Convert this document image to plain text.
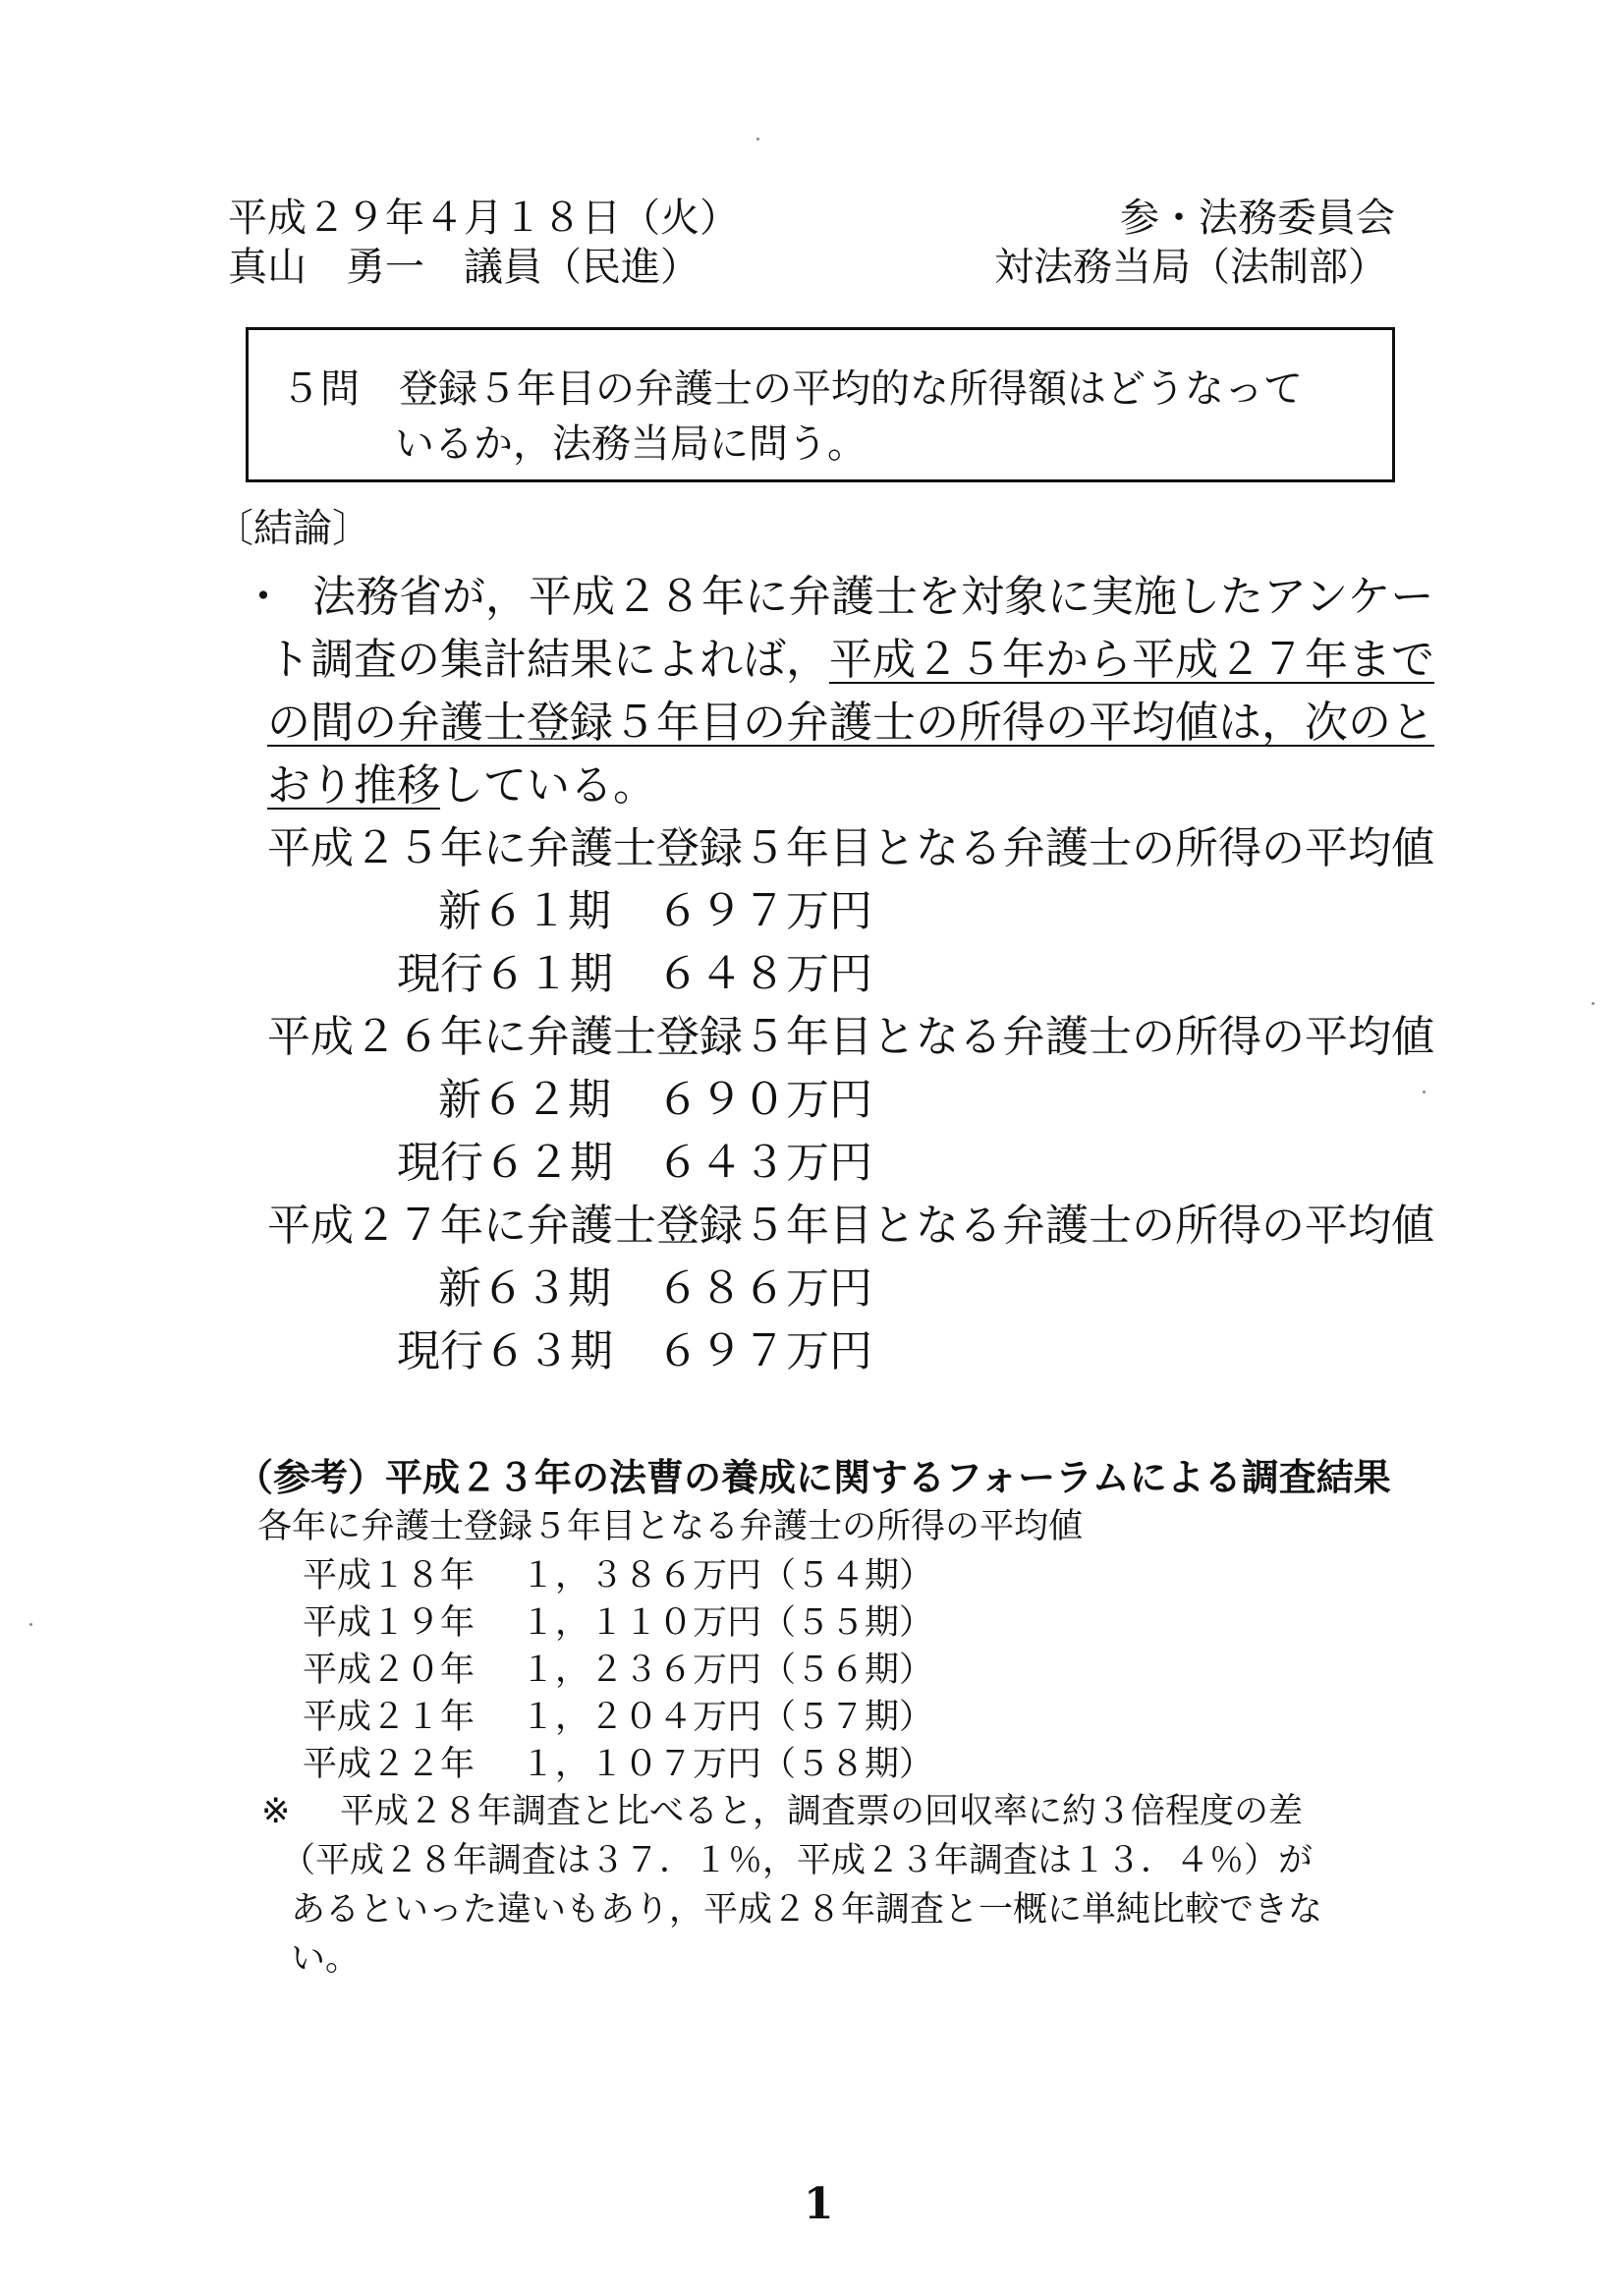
平成２９年４月１８日（火）	参・法務委員会
真山　勇一　議員（民進）	対法務当局（法制部）
５問　登録５年目の弁護士の平均的な所得額はどうなって
いるか，法務当局に問う。
〔結論〕
・ 法務省が，平成２８年に弁護士を対象に実施したアンケー
ト調査の集計結果によれば，平成２５年から平成２７年まで
の間の弁護士登録５年目の弁護士の所得の平均値は，次のと
おり推移している。
平成２５年に弁護士登録５年目となる弁護士の所得の平均値
新６１期 ６９７万円
現行６１期 ６４８万円
平成２６年に弁護士登録５年目となる弁護士の所得の平均値
新６２期 ６９０万円
現行６２期 ６４３万円
平成２７年に弁護士登録５年目となる弁護士の所得の平均値
新６３期 ６８６万円
現行６３期 ６９７万円
（参考）平成２３年の法曹の養成に関するフォーラムによる調査結果
各年に弁護士登録５年目となる弁護士の所得の平均値
平成１８年 １，３８６万円（５４期）
平成１９年 １，１１０万円（５５期）
平成２０年 １，２３６万円（５６期）
平成２１年 １，２０４万円（５７期）
平成２２年 １，１０７万円（５８期）
※ 平成２８年調査と比べると，調査票の回収率に約３倍程度の差
（平成２８年調査は３７．１％，平成２３年調査は１３．４％）が
あるといった違いもあり，平成２８年調査と一概に単純比較できな
い。
1
